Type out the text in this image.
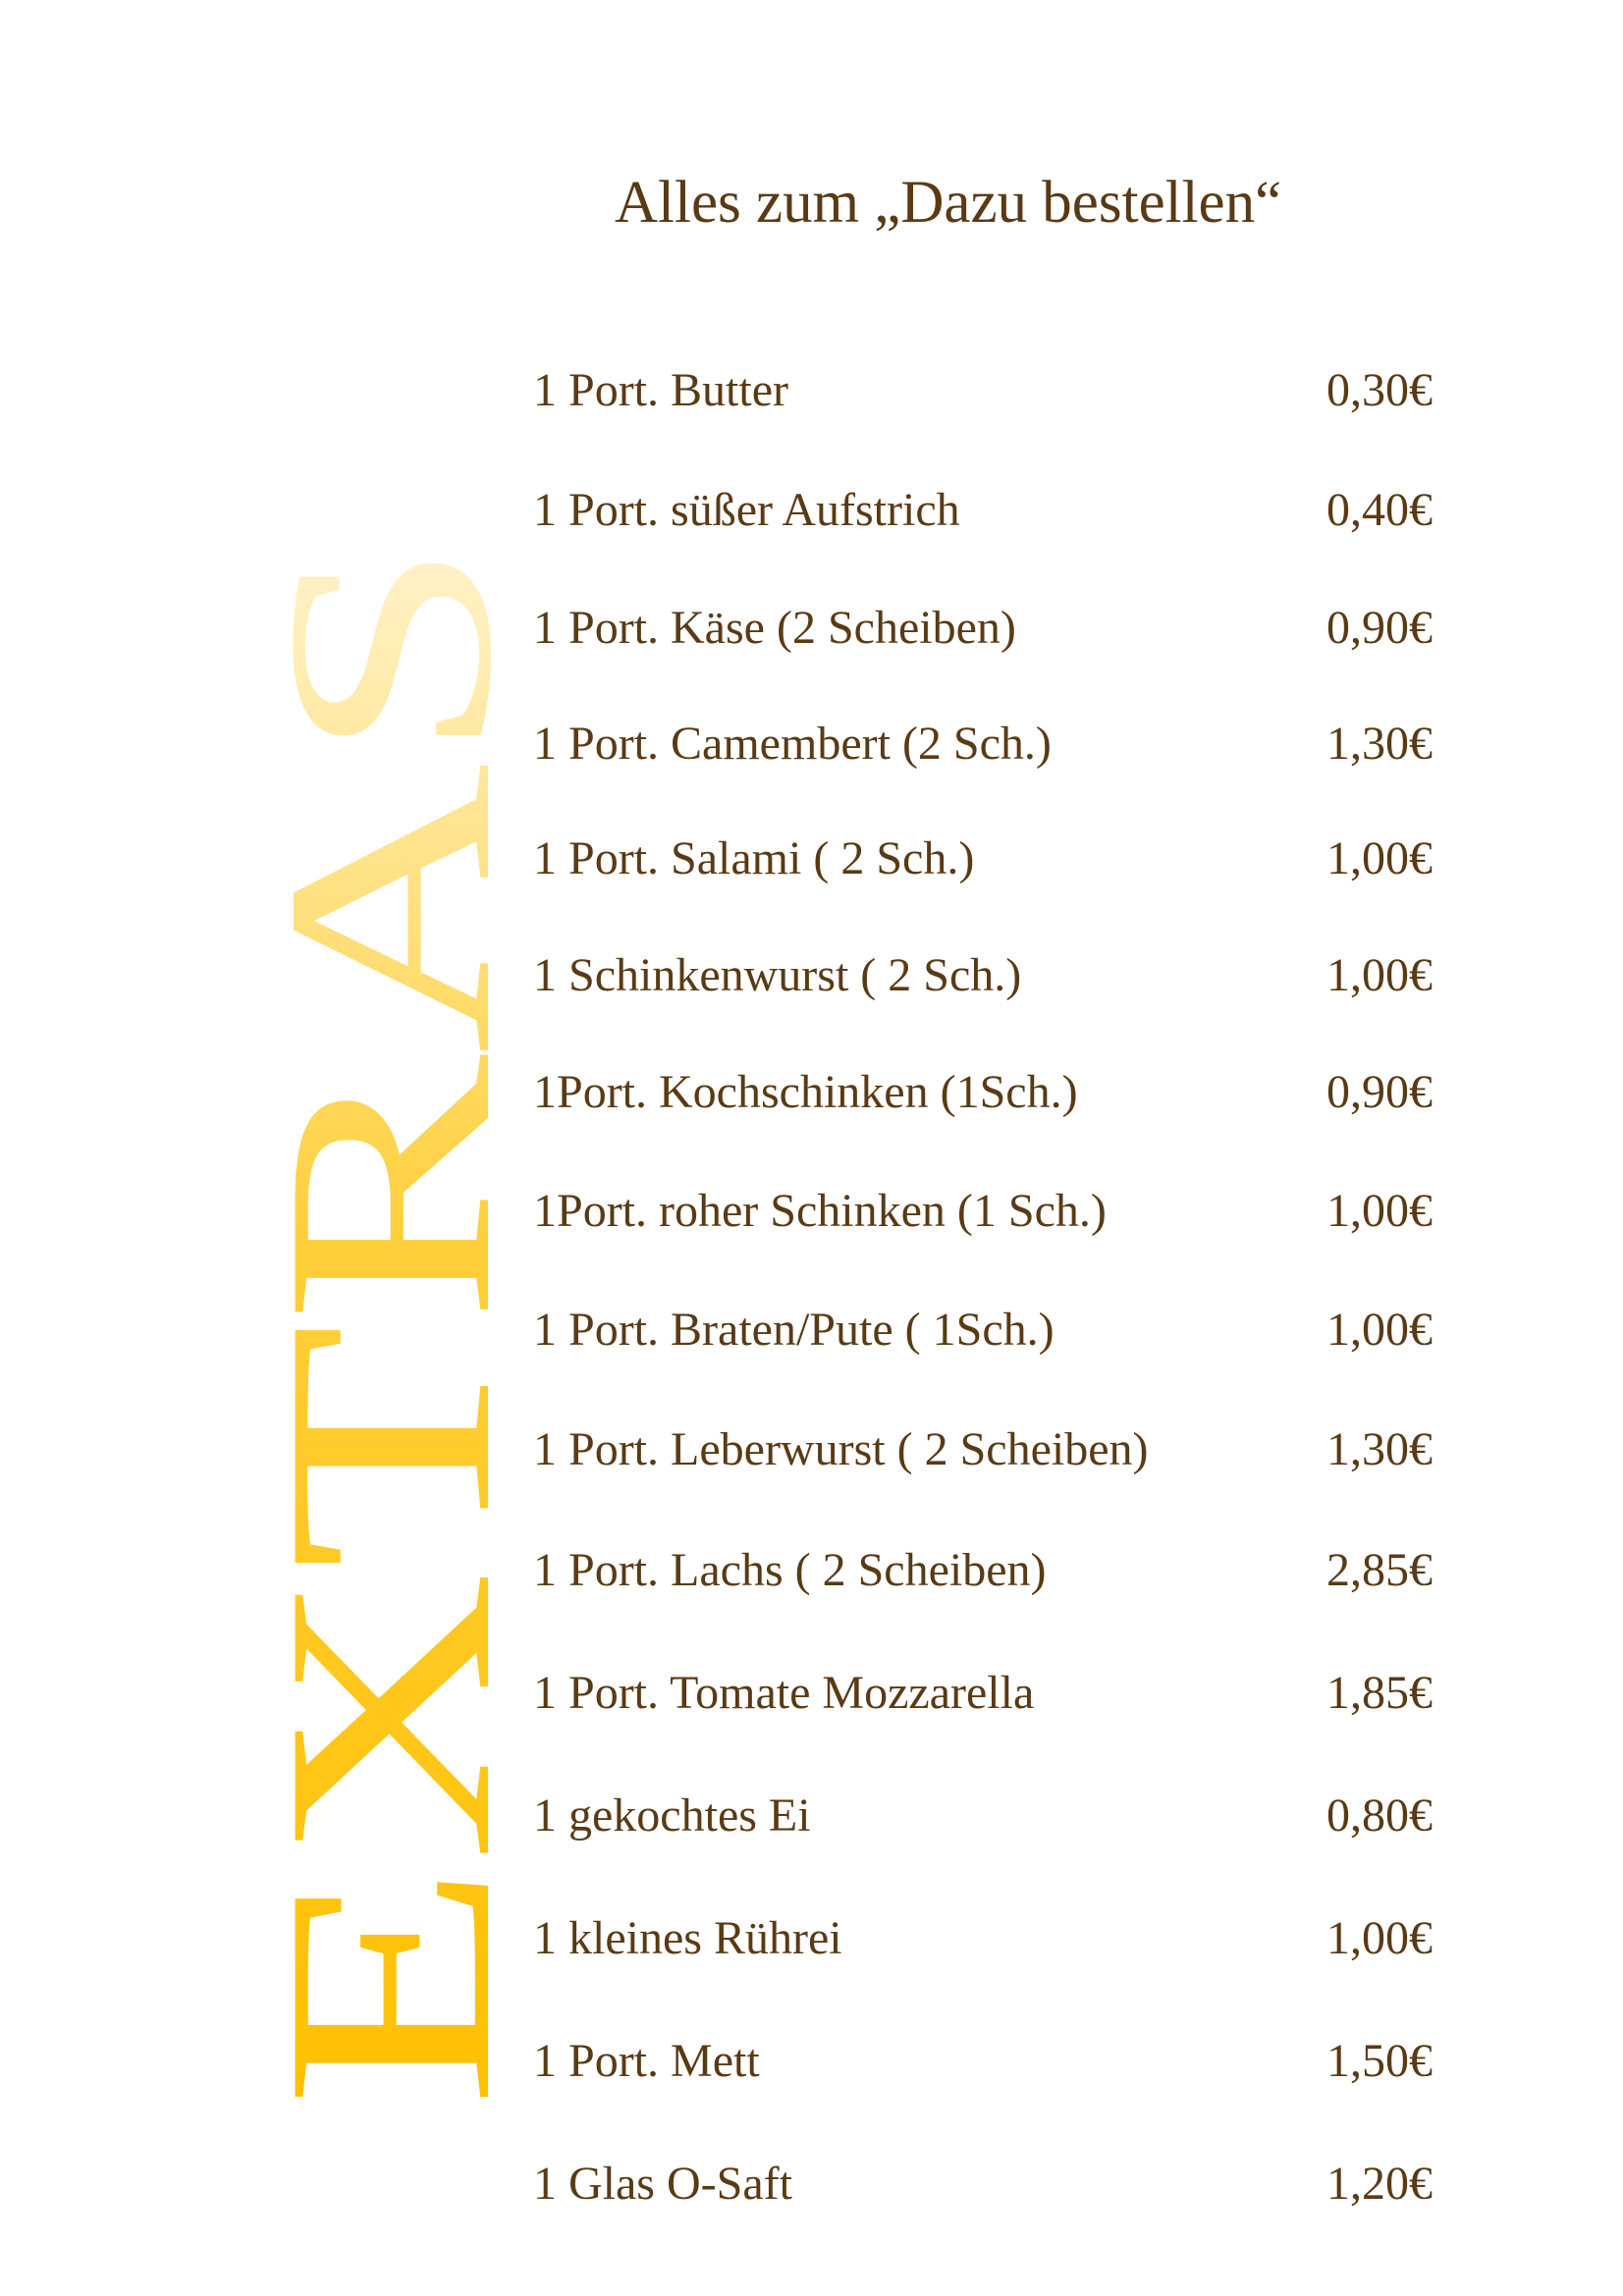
Alles zum „Dazu bestellen“
EXTRAS
1 Port. Butter	0,30€
1 Port. süßer Aufstrich	0,40€
1 Port. Käse (2 Scheiben)	0,90€
1 Port. Camembert (2 Sch.)	1,30€
1 Port. Salami ( 2 Sch.)	1,00€
1 Schinkenwurst ( 2 Sch.)	1,00€
1Port. Kochschinken (1Sch.)	0,90€
1Port. roher Schinken (1 Sch.)	1,00€
1 Port. Braten/Pute ( 1Sch.)	1,00€
1 Port. Leberwurst ( 2 Scheiben)	1,30€
1 Port. Lachs ( 2 Scheiben)	2,85€
1 Port. Tomate Mozzarella	1,85€
1 gekochtes Ei	0,80€
1 kleines Rührei	1,00€
1 Port. Mett	1,50€
1 Glas O-Saft	1,20€
